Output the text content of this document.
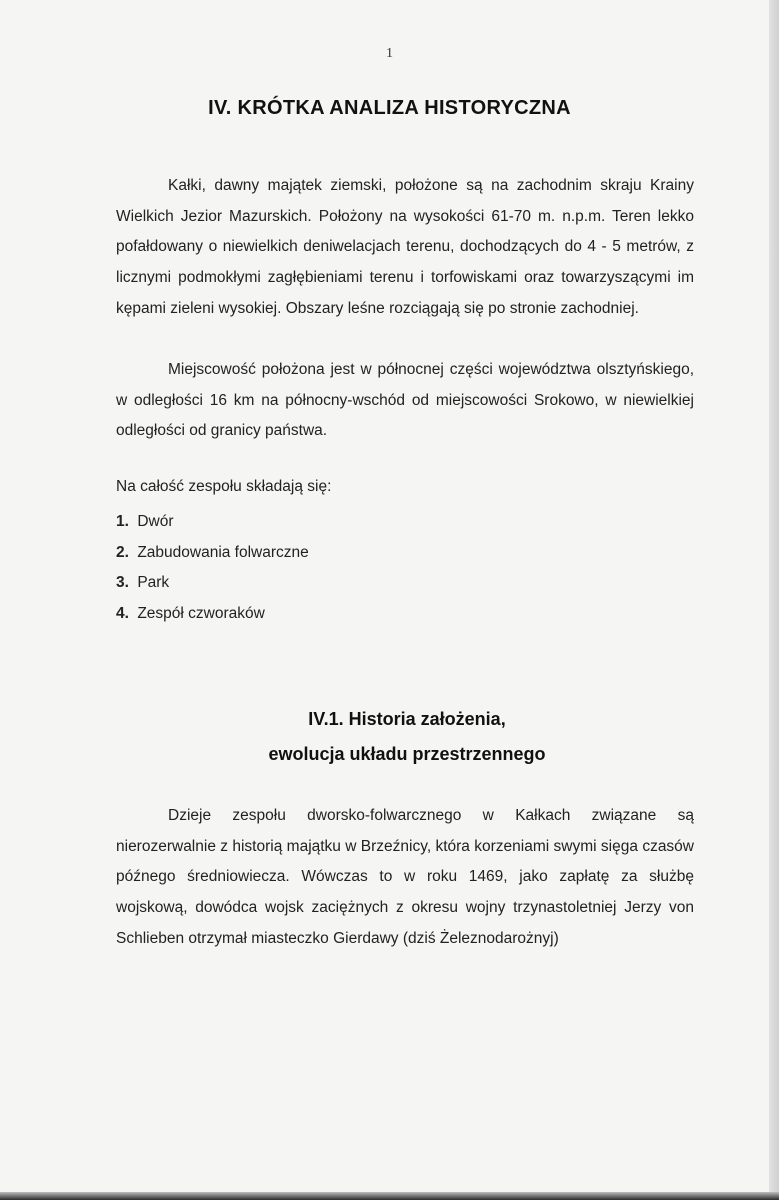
1
IV. KRÓTKA ANALIZA HISTORYCZNA
Kałki, dawny majątek ziemski, położone są na zachodnim skraju Krainy Wielkich Jezior Mazurskich. Położony na wysokości 61-70 m. n.p.m. Teren lekko pofałdowany o niewielkich deniwelacjach terenu, dochodzących do 4 - 5 metrów, z licznymi podmokłymi zagłębieniami terenu i torfowiskami oraz towarzyszącymi im kępami zieleni wysokiej. Obszary leśne rozciągają się po stronie zachodniej.
Miejscowość położona jest w północnej części województwa olsztyńskiego, w odległości 16 km na północny-wschód od miejscowości Srokowo, w niewielkiej odległości od granicy państwa.
Na całość zespołu składają się:
1. Dwór
2. Zabudowania folwarczne
3. Park
4. Zespół czworaków
IV.1. Historia założenia,
ewolucja układu przestrzennego
Dzieje zespołu dworsko-folwarcznego w Kałkach związane są nierozerwalnie z historią majątku w Brzeźnicy, która korzeniami swymi sięga czasów późnego średniowiecza. Wówczas to w roku 1469, jako zapłatę za służbę wojskową, dowódca wojsk zaciężnych z okresu wojny trzynastoletniej Jerzy von Schlieben otrzymał miasteczko Gierdawy (dziś Żeleznodarożnyj)
